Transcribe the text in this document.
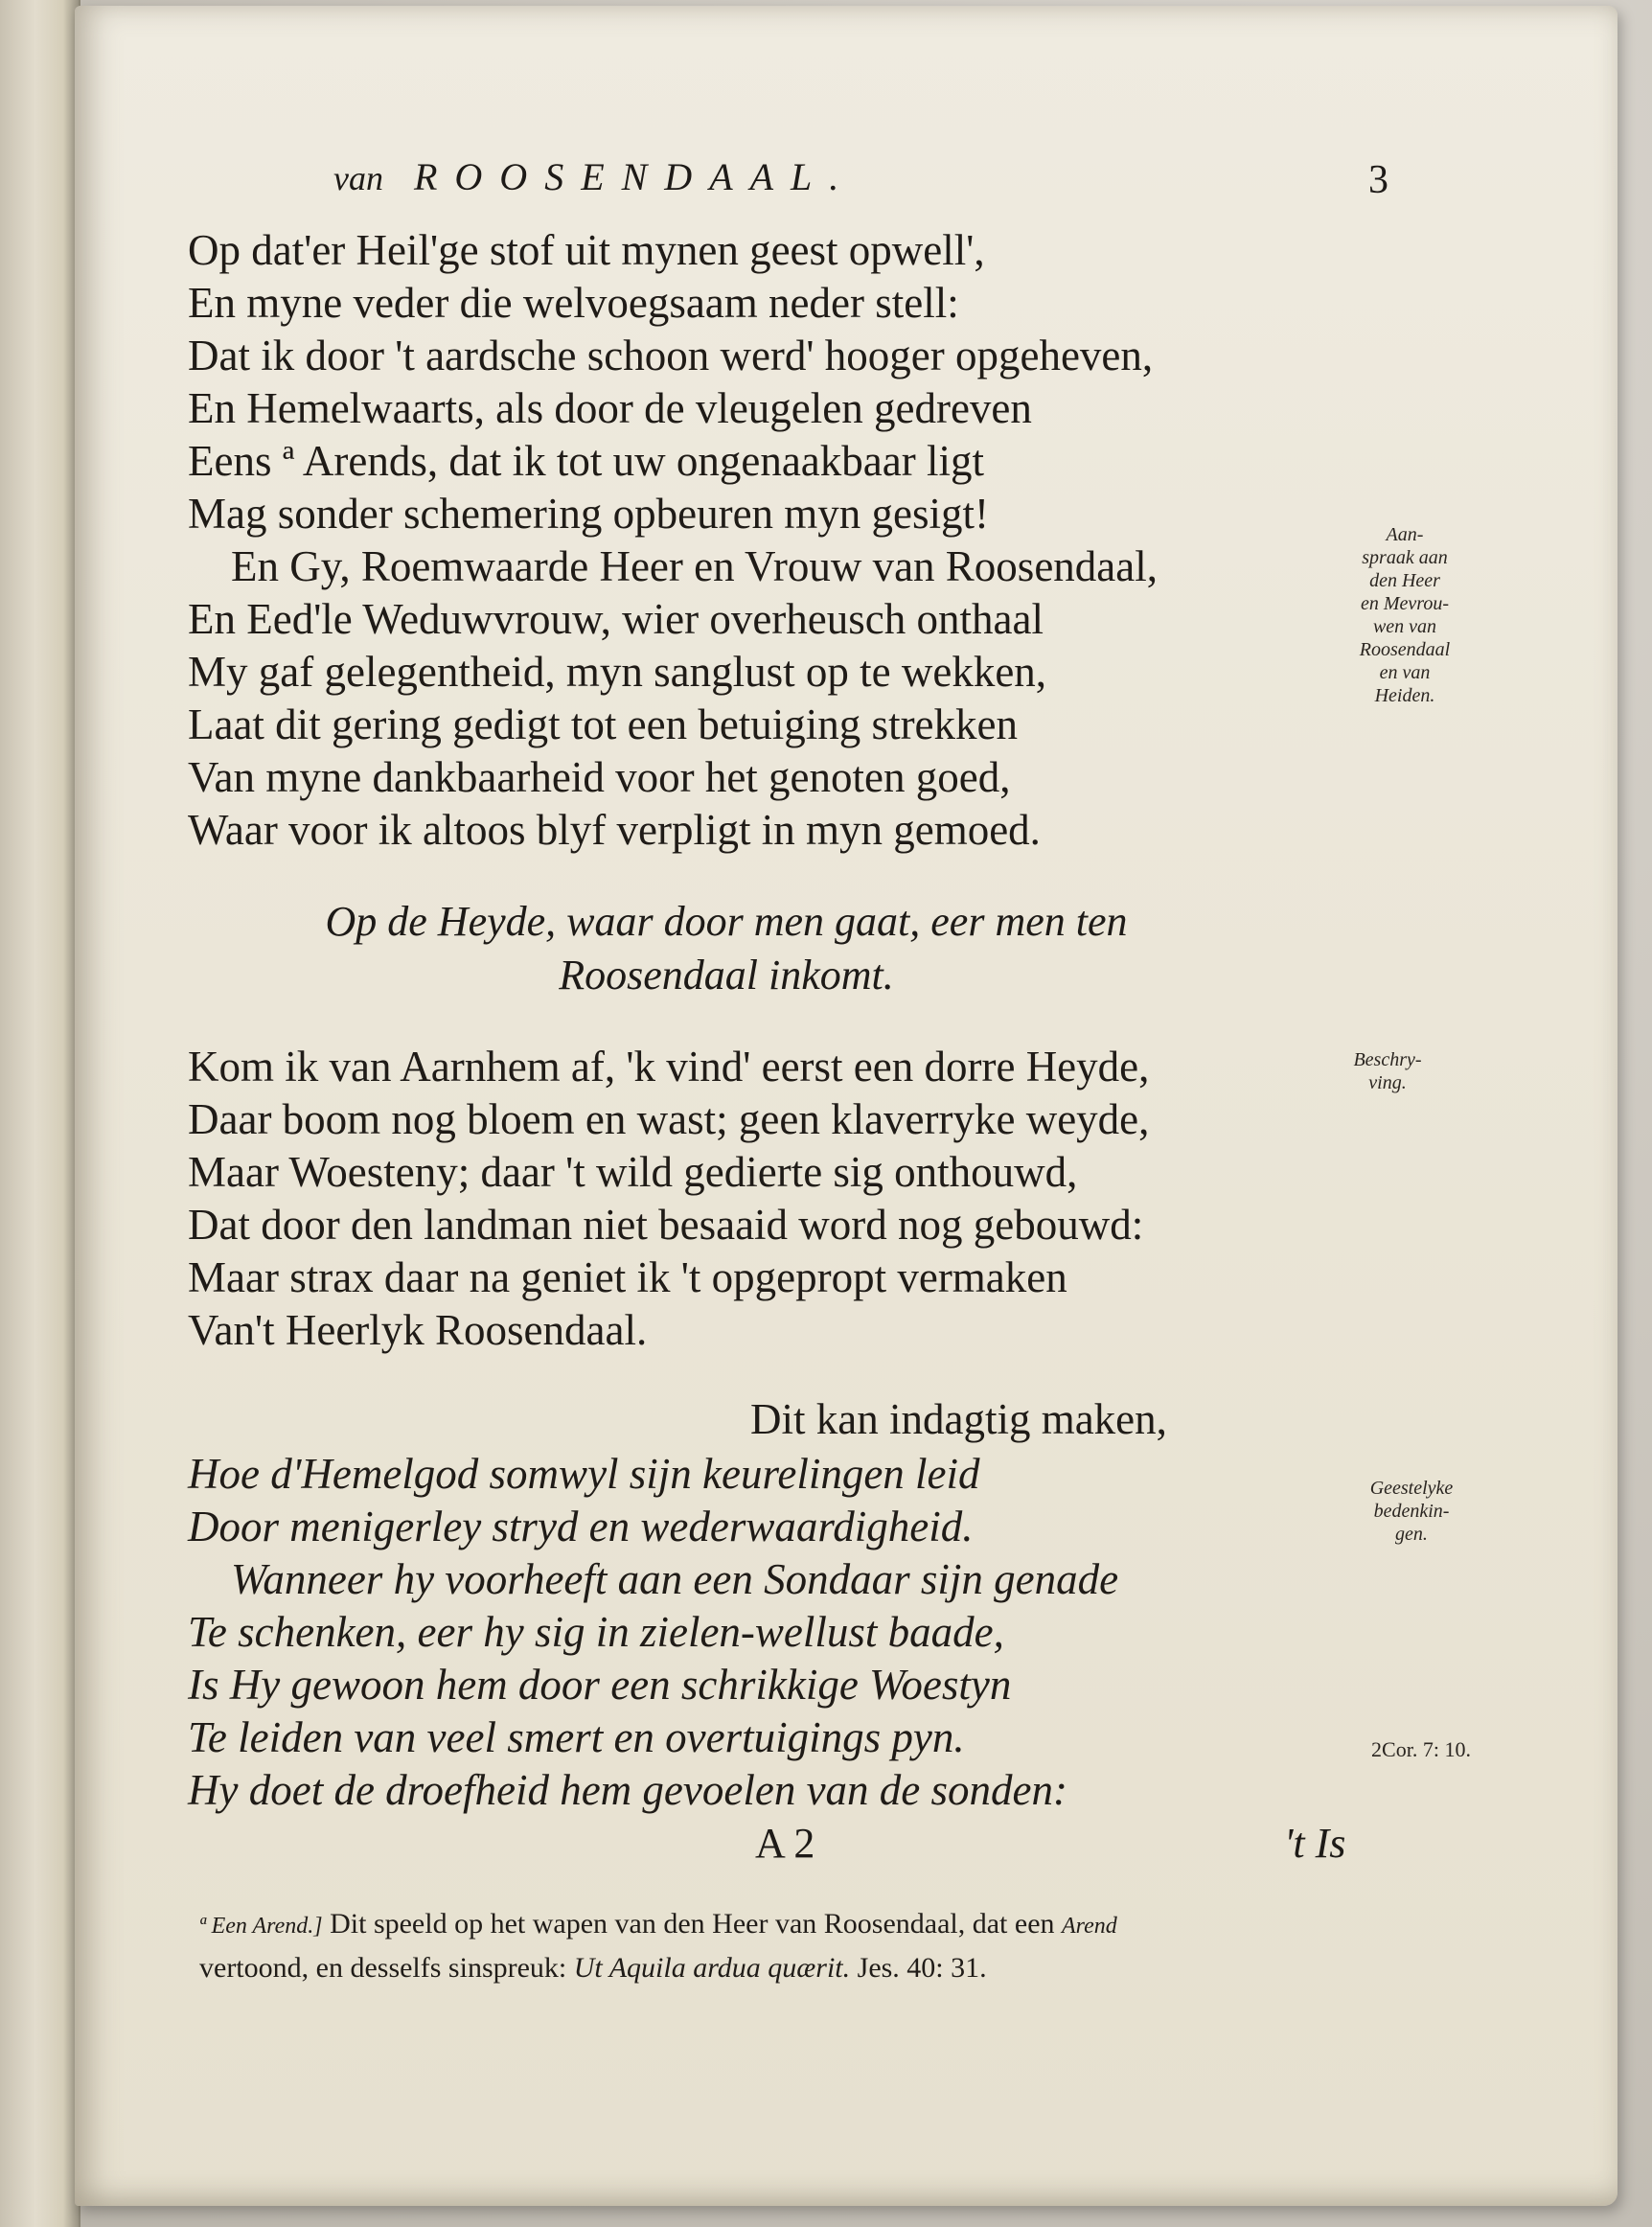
van ROOSENDAAL.	3
Op dat'er Heil'ge stof uit mynen geest opwell',
En myne veder die welvoegsaam neder stell:
Dat ik door 't aardsche schoon werd' hooger opgeheven,
En Hemelwaarts, als door de vleugelen gedreven
Eens ª Arends, dat ik tot uw ongenaakbaar ligt
Mag sonder schemering opbeuren myn gesigt!
En Gy, Roemwaarde Heer en Vrouw van Roosendaal,
En Eed'le Weduwvrouw, wier overheusch onthaal
My gaf gelegentheid, myn sanglust op te wekken,
Laat dit gering gedigt tot een betuiging strekken
Van myne dankbaarheid voor het genoten goed,
Waar voor ik altoos blyf verpligt in myn gemoed.
Aan-
spraak aan
den Heer
en Mevrou-
wen van
Roosendaal
en van
Heiden.
Op de Heyde, waar door men gaat, eer men ten
Roosendaal inkomt.
Kom ik van Aarnhem af, 'k vind' eerst een dorre Heyde,
Daar boom nog bloem en wast; geen klaverryke weyde,
Maar Woesteny; daar 't wild gedierte sig onthouwd,
Dat door den landman niet besaaid word nog gebouwd:
Maar strax daar na geniet ik 't opgepropt vermaken
Van't Heerlyk Roosendaal.
Beschry-
ving.
Dit kan indagtig maken,
Hoe d'Hemelgod somwyl sijn keurelingen leid
Door menigerley stryd en wederwaardigheid.
Wanneer hy voorheeft aan een Sondaar sijn genade
Te schenken, eer hy sig in zielen-wellust baade,
Is Hy gewoon hem door een schrikkige Woestyn
Te leiden van veel smert en overtuigings pyn.
Hy doet de droefheid hem gevoelen van de sonden:
Geestelyke
bedenkin-
gen.
2Cor. 7: 10.
A 2	't Is
ª Een Arend.] Dit speeld op het wapen van den Heer van Roosendaal, dat een Arend
vertoond, en desselfs sinspreuk: Ut Aquila ardua quærit. Jes. 40: 31.
